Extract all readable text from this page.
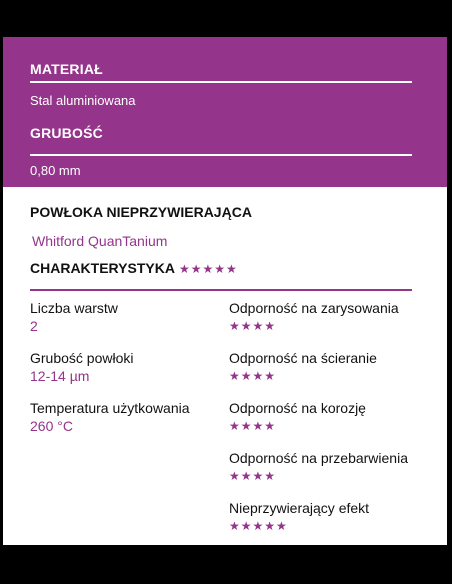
MATERIAŁ
Stal aluminiowana
GRUBOŚĆ
0,80 mm
POWŁOKA NIEPRZYWIERAJĄCA
Whitford QuanTanium
CHARAKTERYSTYKA ★★★★★
Liczba warstw
2
Grubość powłoki
12-14 µm
Temperatura użytkowania
260 °C
Odporność na zarysowania
★★★★
Odporność na ścieranie
★★★★
Odporność na korozję
★★★★
Odporność na przebarwienia
★★★★
Nieprzywierający efekt
★★★★★
